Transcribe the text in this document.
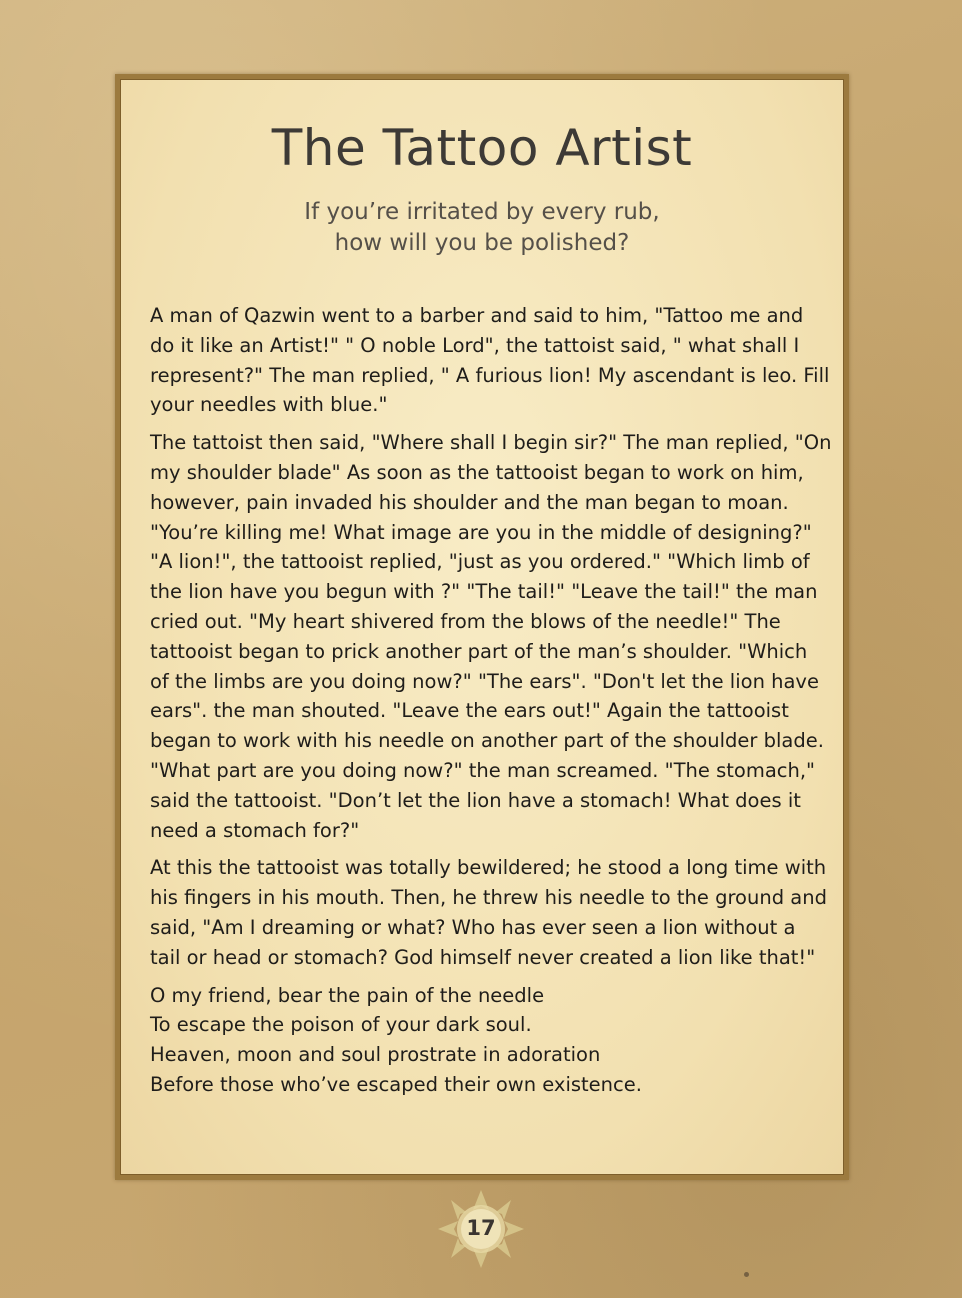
The Tattoo Artist
If you’re irritated by every rub,
how will you be polished?

A man of Qazwin went to a barber and said to him, "Tattoo me and do it like an Artist!" " O noble Lord", the tattoist said, " what shall I represent?" The man replied, " A furious lion! My ascendant is leo. Fill your needles with blue."

The tattoist then said, "Where shall I begin sir?" The man replied, "On my shoulder blade" As soon as the tattooist began to work on him, however, pain invaded his shoulder and the man began to moan. "You’re killing me! What image are you in the middle of designing?" "A lion!", the tattooist replied, "just as you ordered." "Which limb of the lion have you begun with ?" "The tail!" "Leave the tail!" the man cried out. "My heart shivered from the blows of the needle!" The tattooist began to prick another part of the man’s shoulder. "Which of the limbs are you doing now?" "The ears". "Don't let the lion have ears". the man shouted. "Leave the ears out!" Again the tattooist began to work with his needle on another part of the shoulder blade. "What part are you doing now?" the man screamed. "The stomach," said the tattooist. "Don’t let the lion have a stomach! What does it need a stomach for?"

At this the tattooist was totally bewildered; he stood a long time with his fingers in his mouth. Then, he threw his needle to the ground and said, "Am I dreaming or what? Who has ever seen a lion without a tail or head or stomach? God himself never created a lion like that!"

O my friend, bear the pain of the needle
To escape the poison of your dark soul.
Heaven, moon and soul prostrate in adoration
Before those who’ve escaped their own existence.
17
